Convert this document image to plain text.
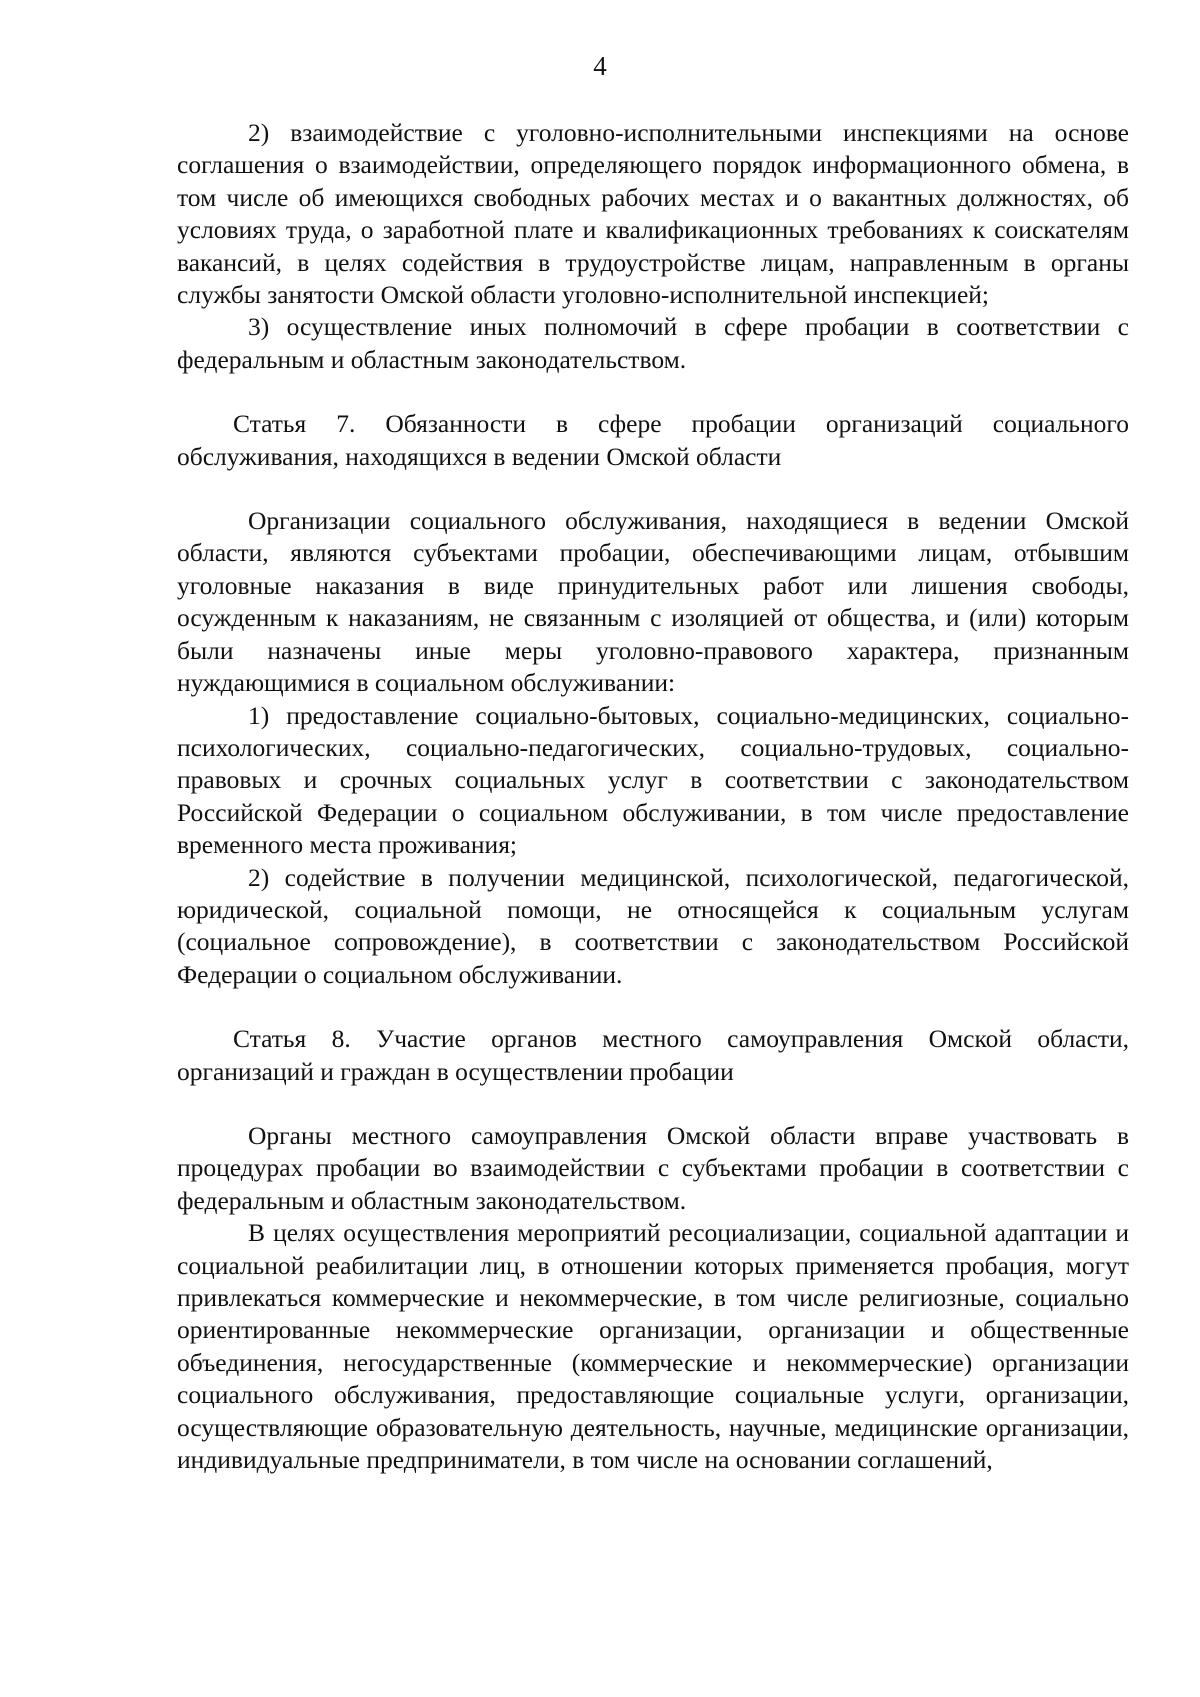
4

2) взаимодействие с уголовно-исполнительными инспекциями на основе соглашения о взаимодействии, определяющего порядок информационного обмена, в том числе об имеющихся свободных рабочих местах и о вакантных должностях, об условиях труда, о заработной плате и квалификационных требованиях к соискателям вакансий, в целях содействия в трудоустройстве лицам, направленным в органы службы занятости Омской области уголовно-исполнительной инспекцией;

3) осуществление иных полномочий в сфере пробации в соответствии с федеральным и областным законодательством.

Статья 7. Обязанности в сфере пробации организаций социального обслуживания, находящихся в ведении Омской области

Организации социального обслуживания, находящиеся в ведении Омской области, являются субъектами пробации, обеспечивающими лицам, отбывшим уголовные наказания в виде принудительных работ или лишения свободы, осужденным к наказаниям, не связанным с изоляцией от общества, и (или) которым были назначены иные меры уголовно-правового характера, признанным нуждающимися в социальном обслуживании:

1) предоставление социально-бытовых, социально-медицинских, социально-психологических, социально-педагогических, социально-трудовых, социально-правовых и срочных социальных услуг в соответствии с законодательством Российской Федерации о социальном обслуживании, в том числе предоставление временного места проживания;

2) содействие в получении медицинской, психологической, педагогической, юридической, социальной помощи, не относящейся к социальным услугам (социальное сопровождение), в соответствии с законодательством Российской Федерации о социальном обслуживании.

Статья 8. Участие органов местного самоуправления Омской области, организаций и граждан в осуществлении пробации

Органы местного самоуправления Омской области вправе участвовать в процедурах пробации во взаимодействии с субъектами пробации в соответствии с федеральным и областным законодательством.

В целях осуществления мероприятий ресоциализации, социальной адаптации и социальной реабилитации лиц, в отношении которых применяется пробация, могут привлекаться коммерческие и некоммерческие, в том числе религиозные, социально ориентированные некоммерческие организации, организации и общественные объединения, негосударственные (коммерческие и некоммерческие) организации социального обслуживания, предоставляющие социальные услуги, организации, осуществляющие образовательную деятельность, научные, медицинские организации, индивидуальные предприниматели, в том числе на основании соглашений,
